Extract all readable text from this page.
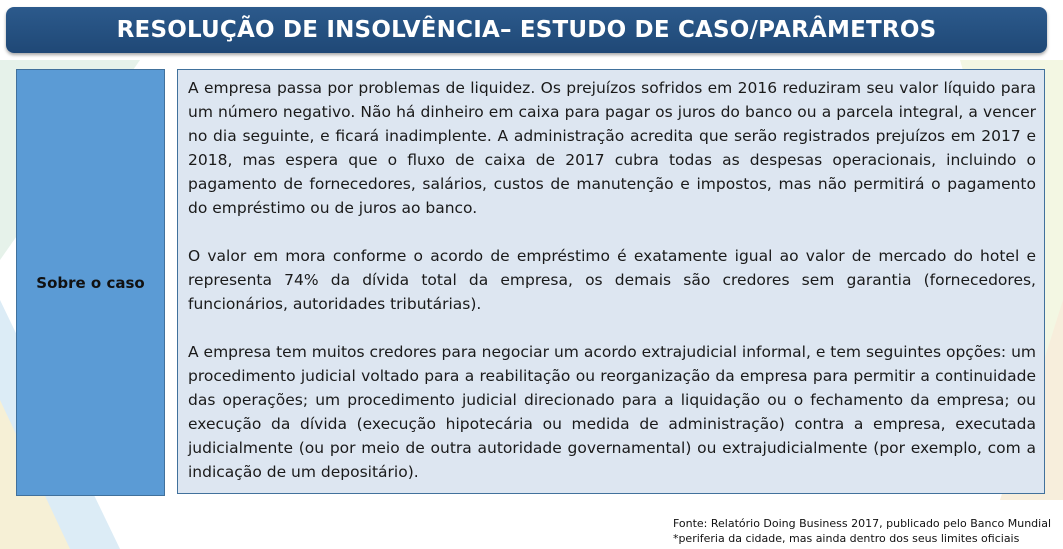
RESOLUÇÃO DE INSOLVÊNCIA– ESTUDO DE CASO/PARÂMETROS
Sobre o caso

A empresa passa por problemas de liquidez. Os prejuízos sofridos em 2016 reduziram seu valor líquido para um número negativo. Não há dinheiro em caixa para pagar os juros do banco ou a parcela integral, a vencer no dia seguinte, e ficará inadimplente. A administração acredita que serão registrados prejuízos em 2017 e 2018, mas espera que o fluxo de caixa de 2017 cubra todas as despesas operacionais, incluindo o pagamento de fornecedores, salários, custos de manutenção e impostos, mas não permitirá o pagamento do empréstimo ou de juros ao banco.

O valor em mora conforme o acordo de empréstimo é exatamente igual ao valor de mercado do hotel e representa 74% da dívida total da empresa, os demais são credores sem garantia (fornecedores, funcionários, autoridades tributárias).

A empresa tem muitos credores para negociar um acordo extrajudicial informal, e tem seguintes opções: um procedimento judicial voltado para a reabilitação ou reorganização da empresa para permitir a continuidade das operações; um procedimento judicial direcionado para a liquidação ou o fechamento da empresa; ou execução da dívida (execução hipotecária ou medida de administração) contra a empresa, executada judicialmente (ou por meio de outra autoridade governamental) ou extrajudicialmente (por exemplo, com a indicação de um depositário).

Fonte: Relatório Doing Business 2017, publicado pelo Banco Mundial
*periferia da cidade, mas ainda dentro dos seus limites oficiais
